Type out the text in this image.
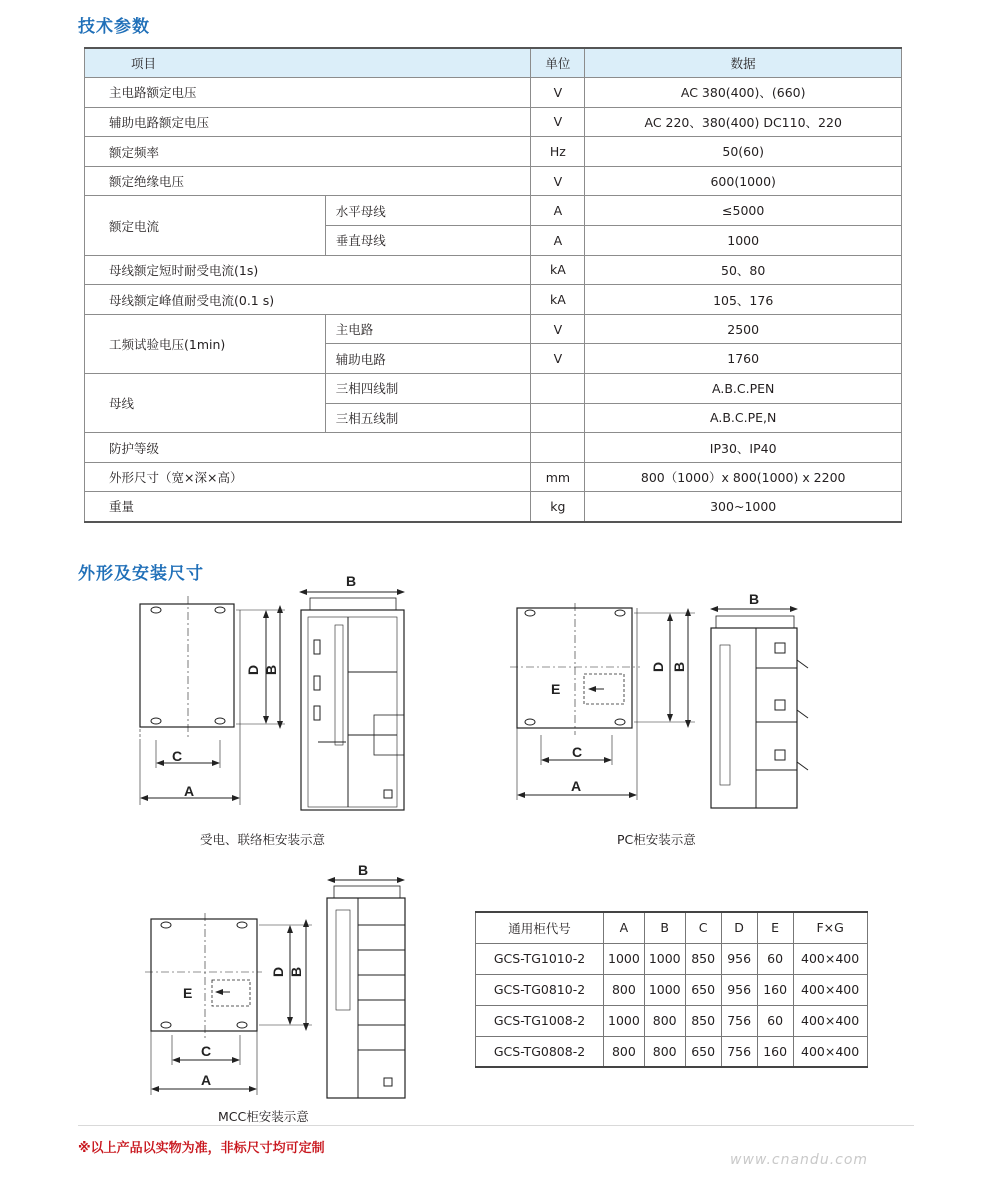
技术参数
项目		单位	数据
主电路额定电压		V	AC 380(400)、(660)
辅助电路额定电压		V	AC 220、380(400) DC110、220
额定频率		Hz	50(60)
额定绝缘电压		V	600(1000)
额定电流	水平母线	A	≤5000
	垂直母线	A	1000
母线额定短时耐受电流(1s)		kA	50、80
母线额定峰值耐受电流(0.1 s)		kA	105、176
工频试验电压(1min)	主电路	V	2500
	辅助电路	V	1760
母线	三相四线制		A.B.C.PEN
	三相五线制		A.B.C.PE,N
防护等级			IP30、IP40
外形尺寸（宽×深×高）		mm	800（1000）x 800(1000) x 2200
重量		kg	300~1000
外形及安装尺寸
C
A
D B
B
E
C
A
D B
B
E
C
A
D B
B
受电、联络柜安装示意	PC柜安装示意
MCC柜安装示意
通用柜代号	A	B	C	D	E	F×G
GCS-TG1010-2	1000	1000	850	956	60	400×400
GCS-TG0810-2	800	1000	650	956	160	400×400
GCS-TG1008-2	1000	800	850	756	60	400×400
GCS-TG0808-2	800	800	650	756	160	400×400
※以上产品以实物为准，非标尺寸均可定制
www.cnandu.com
